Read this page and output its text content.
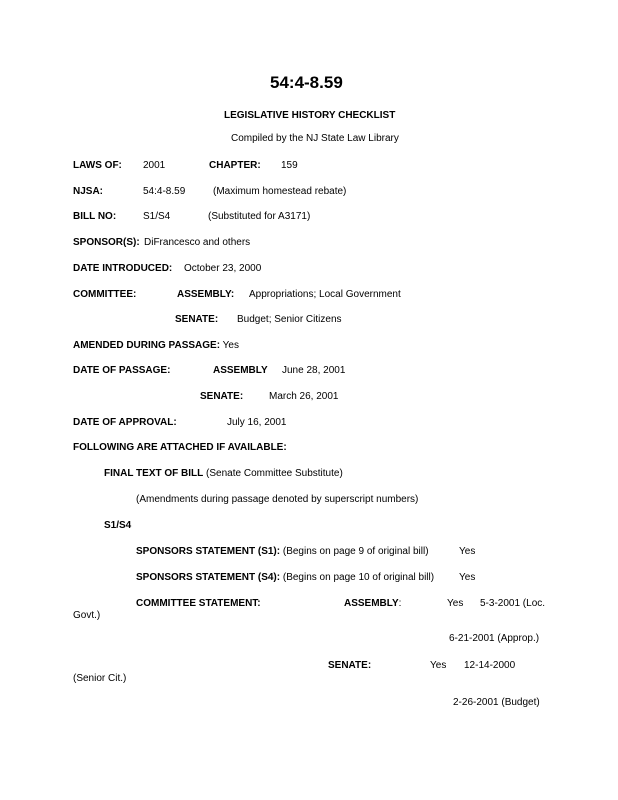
54:4-8.59
LEGISLATIVE HISTORY CHECKLIST
Compiled by the NJ State Law Library
LAWS OF: 2001	CHAPTER: 159
NJSA:	54:4-8.59	(Maximum homestead rebate)
BILL NO:	S1/S4	(Substituted for A3171)
SPONSOR(S): DiFrancesco and others
DATE INTRODUCED: October 23, 2000
COMMITTEE:	ASSEMBLY: Appropriations; Local Government
SENATE: Budget; Senior Citizens
AMENDED DURING PASSAGE: Yes
DATE OF PASSAGE:	ASSEMBLY June 28, 2001
SENATE:	March 26, 2001
DATE OF APPROVAL:	July 16, 2001
FOLLOWING ARE ATTACHED IF AVAILABLE:
FINAL TEXT OF BILL (Senate Committee Substitute)
(Amendments during passage denoted by superscript numbers)
S1/S4
SPONSORS STATEMENT (S1): (Begins on page 9 of original bill)	Yes
SPONSORS STATEMENT (S4): (Begins on page 10 of original bill) Yes
COMMITTEE STATEMENT:	ASSEMBLY:	Yes 5-3-2001 (Loc.
Govt.)
6-21-2001 (Approp.)
SENATE:	Yes 12-14-2000
(Senior Cit.)
2-26-2001 (Budget)
